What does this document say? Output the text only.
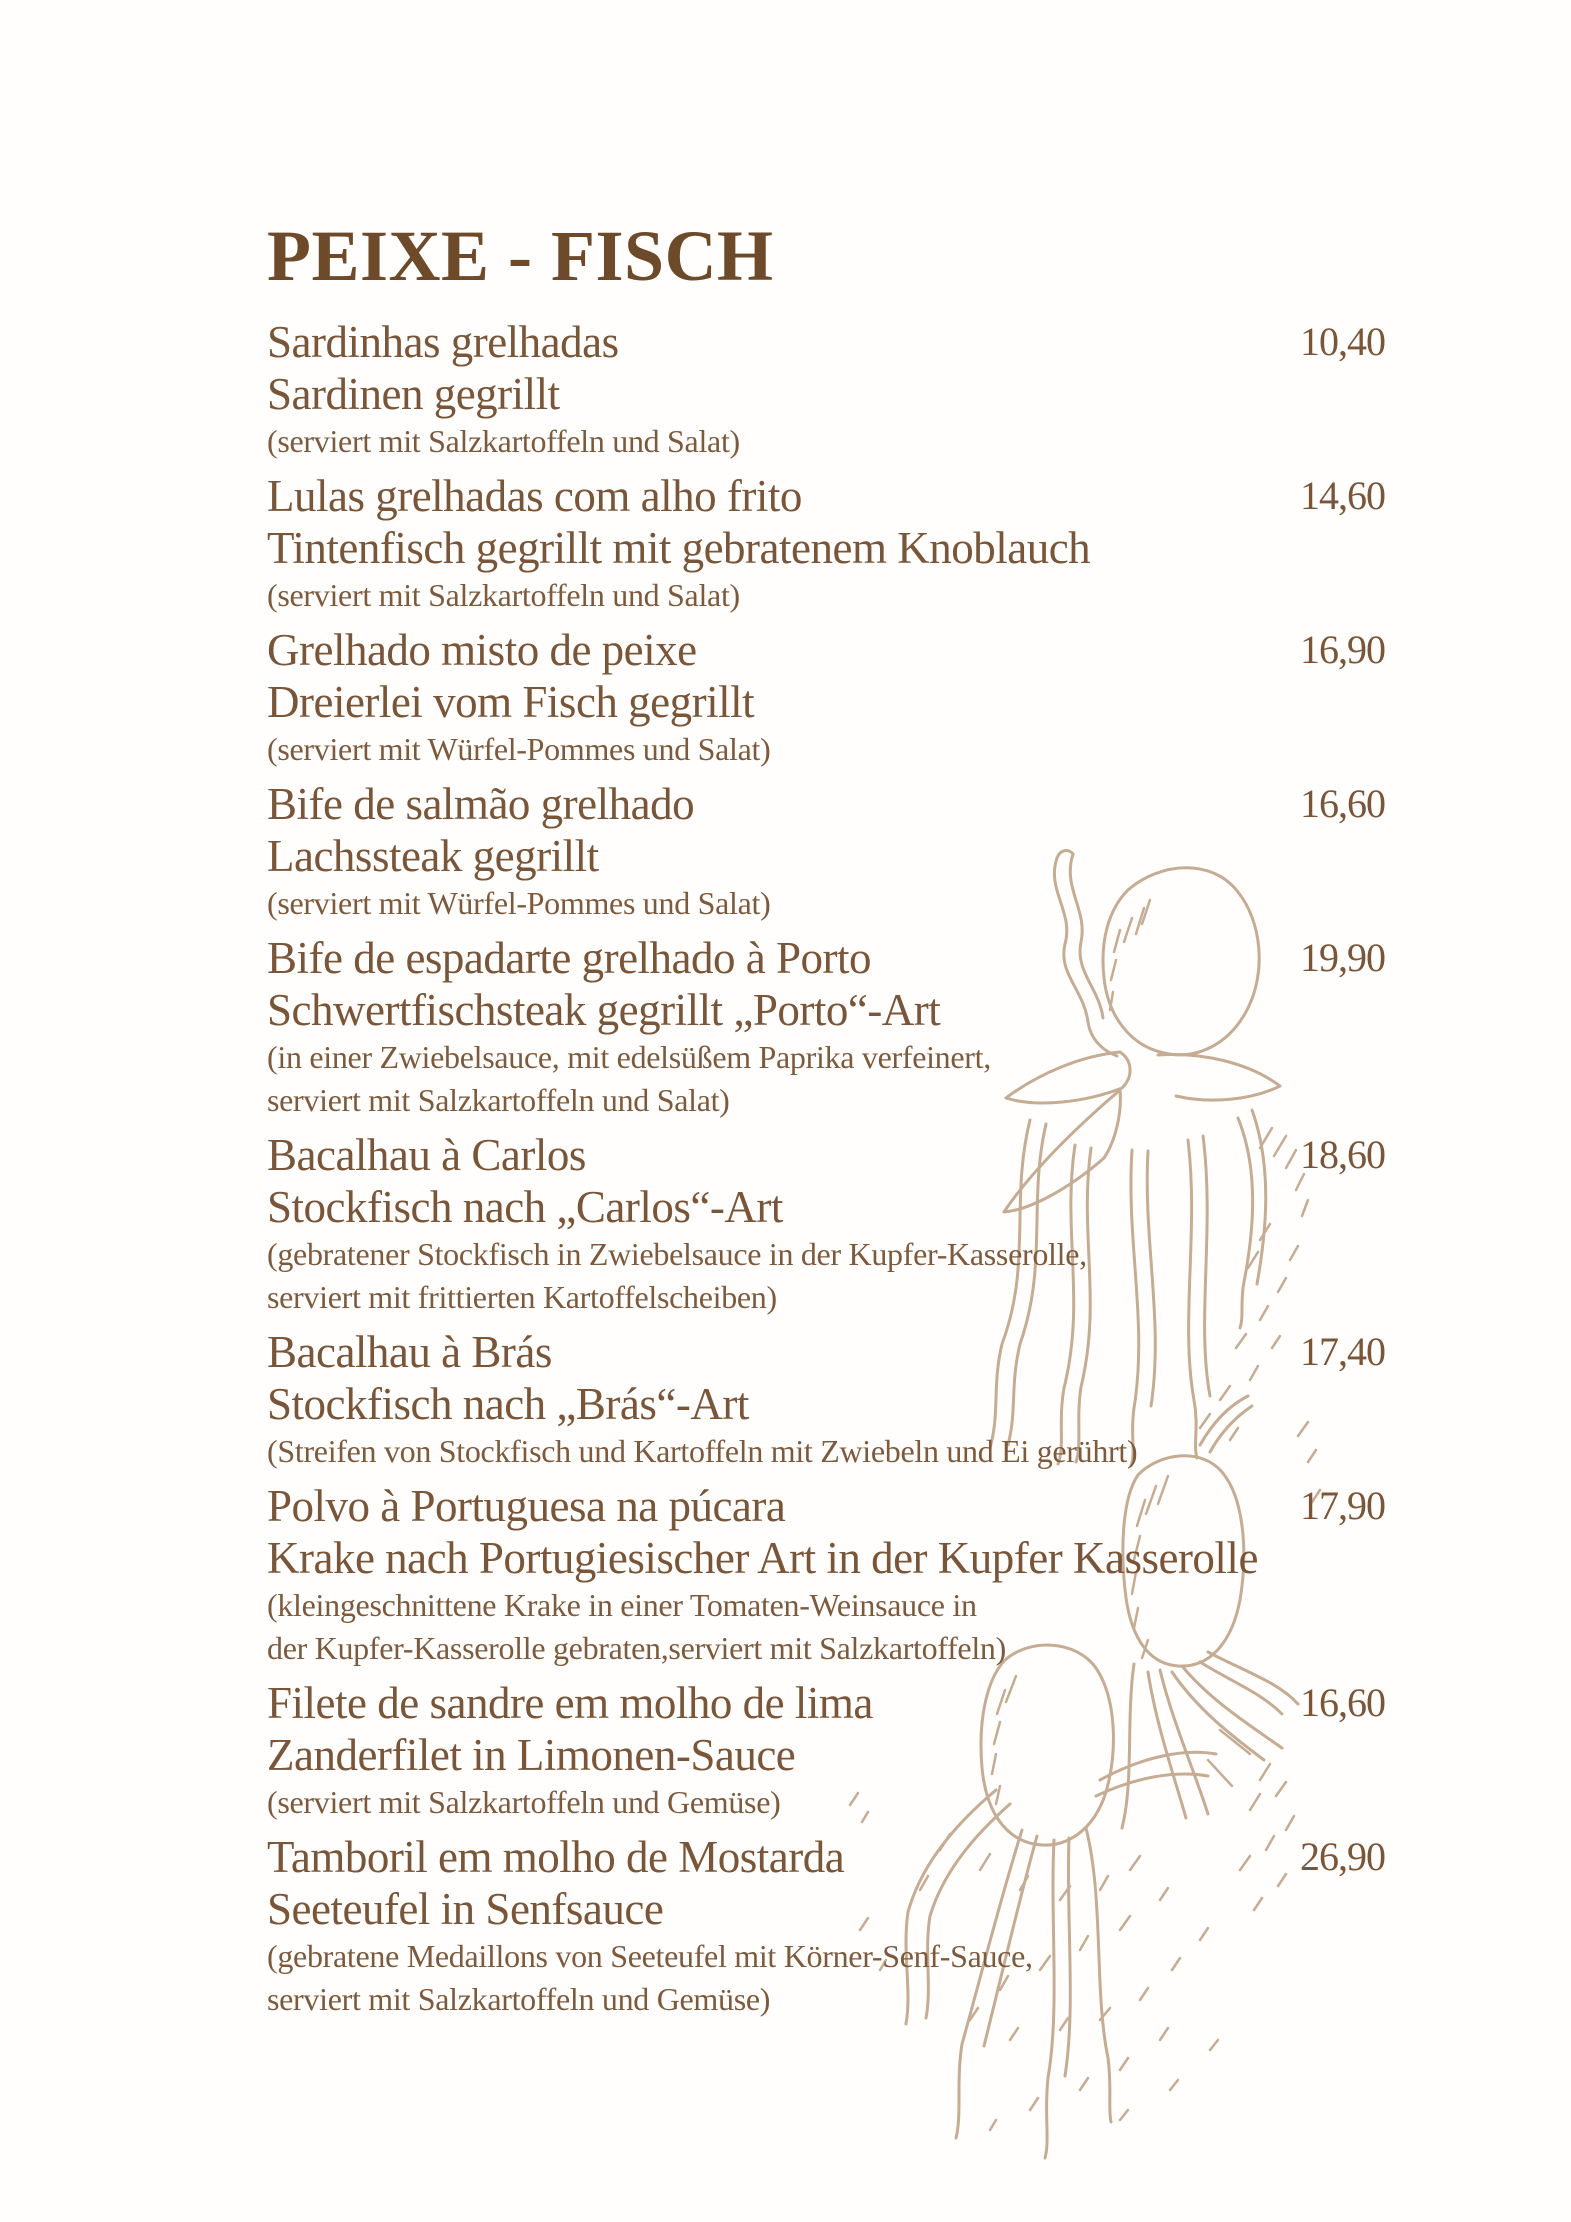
PEIXE - FISCH
Sardinhas grelhadas
Sardinen gegrillt
10,40
(serviert mit Salzkartoffeln und Salat)
Lulas grelhadas com alho frito
Tintenfisch gegrillt mit gebratenem Knoblauch
14,60
(serviert mit Salzkartoffeln und Salat)
Grelhado misto de peixe
Dreierlei vom Fisch gegrillt
16,90
(serviert mit Würfel-Pommes und Salat)
Bife de salmão grelhado
Lachssteak gegrillt
16,60
(serviert mit Würfel-Pommes und Salat)
Bife de espadarte grelhado à Porto
Schwertfischsteak gegrillt „Porto“-Art
19,90
(in einer Zwiebelsauce, mit edelsüßem Paprika verfeinert,
serviert mit Salzkartoffeln und Salat)
Bacalhau à Carlos
Stockfisch nach „Carlos“-Art
18,60
(gebratener Stockfisch in Zwiebelsauce in der Kupfer-Kasserolle,
serviert mit frittierten Kartoffelscheiben)
Bacalhau à Brás
Stockfisch nach „Brás“-Art
17,40
(Streifen von Stockfisch und Kartoffeln mit Zwiebeln und Ei gerührt)
Polvo à Portuguesa na púcara
Krake nach Portugiesischer Art in der Kupfer Kasserolle
17,90
(kleingeschnittene Krake in einer Tomaten-Weinsauce in
der Kupfer-Kasserolle gebraten,serviert mit Salzkartoffeln)
Filete de sandre em molho de lima
Zanderfilet in Limonen-Sauce
16,60
(serviert mit Salzkartoffeln und Gemüse)
Tamboril em molho de Mostarda
Seeteufel in Senfsauce
26,90
(gebratene Medaillons von Seeteufel mit Körner-Senf-Sauce,
serviert mit Salzkartoffeln und Gemüse)
